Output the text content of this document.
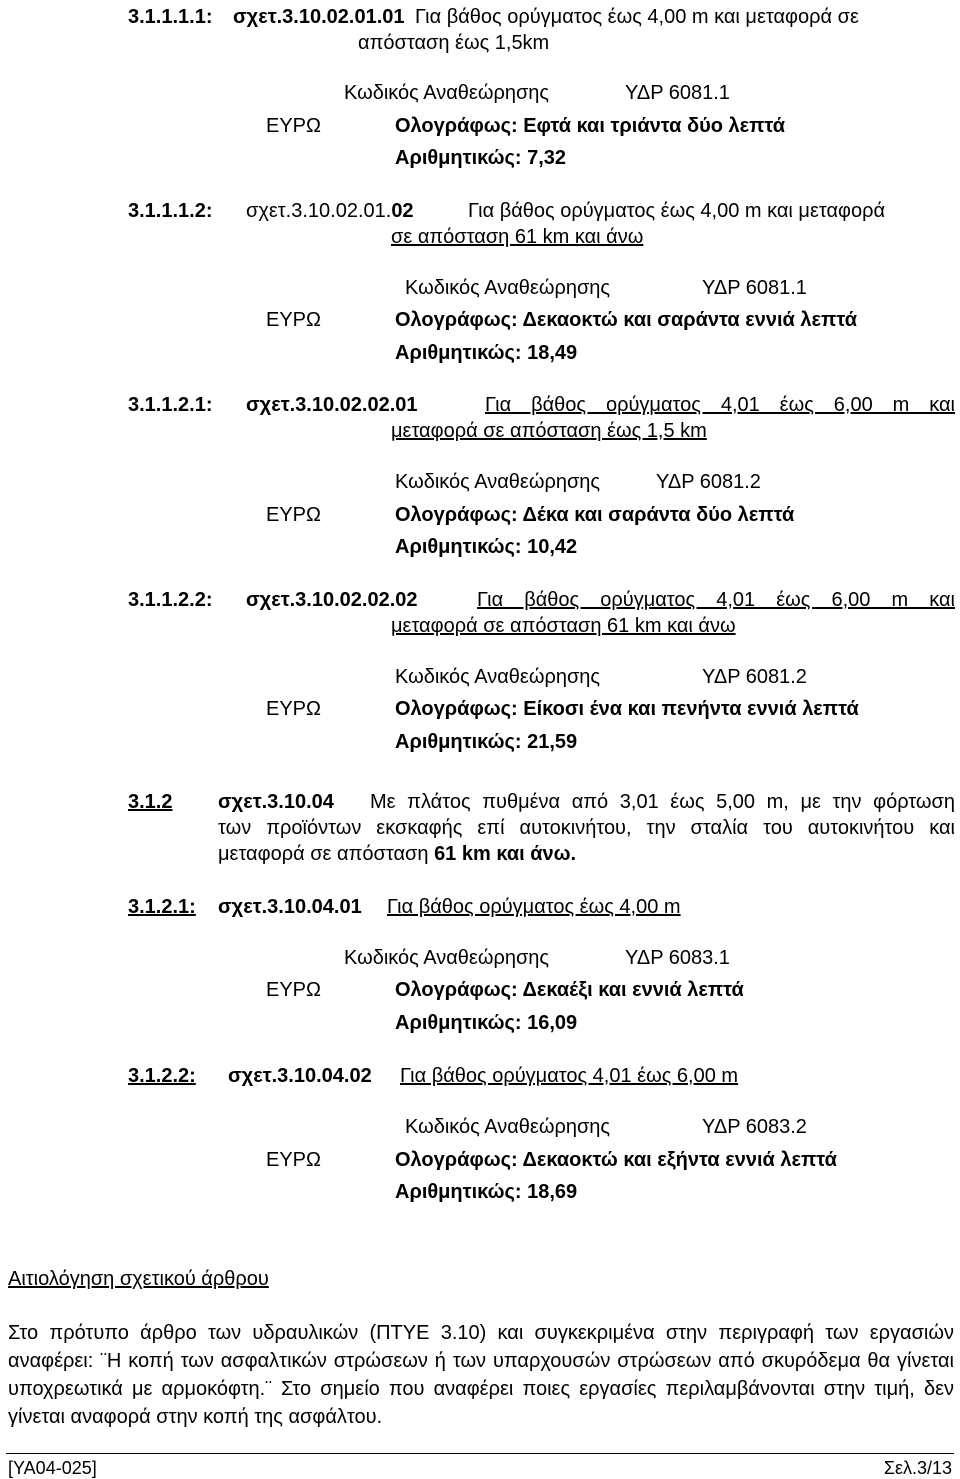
3.1.1.1.1: σχετ.3.10.02.01.01 Για βάθος ορύγματος έως 4,00 m και μεταφορά σε
απόσταση έως 1,5km
Κωδικός Αναθεώρησης	ΥΔΡ 6081.1
ΕΥΡΩ	Ολογράφως: Εφτά και τριάντα δύο λεπτά
Αριθμητικώς: 7,32
3.1.1.1.2: σχετ.3.10.02.01.02	Για βάθος ορύγματος έως 4,00 m και μεταφορά
σε απόσταση 61 km και άνω
Κωδικός Αναθεώρησης	ΥΔΡ 6081.1
ΕΥΡΩ	Ολογράφως: Δεκαοκτώ και σαράντα εννιά λεπτά
Αριθμητικώς: 18,49
3.1.1.2.1: σχετ.3.10.02.02.01	Για βάθος ορύγματος 4,01 έως 6,00 m και
μεταφορά σε απόσταση έως 1,5 km
Κωδικός Αναθεώρησης	ΥΔΡ 6081.2
ΕΥΡΩ	Ολογράφως: Δέκα και σαράντα δύο λεπτά
Αριθμητικώς: 10,42
3.1.1.2.2: σχετ.3.10.02.02.02	Για βάθος ορύγματος 4,01 έως 6,00 m και
μεταφορά σε απόσταση 61 km και άνω
Κωδικός Αναθεώρησης	ΥΔΡ 6081.2
ΕΥΡΩ	Ολογράφως: Είκοσι ένα και πενήντα εννιά λεπτά
Αριθμητικώς: 21,59
3.1.2 σχετ.3.10.04 Με πλάτος πυθμένα από 3,01 έως 5,00 m, με την φόρτωση
των προϊόντων εκσκαφής επί αυτοκινήτου, την σταλία του αυτοκινήτου και
μεταφορά σε απόσταση 61 km και άνω.
3.1.2.1: σχετ.3.10.04.01 Για βάθος ορύγματος έως 4,00 m
Κωδικός Αναθεώρησης	ΥΔΡ 6083.1
ΕΥΡΩ	Ολογράφως: Δεκαέξι και εννιά λεπτά
Αριθμητικώς: 16,09
3.1.2.2: σχετ.3.10.04.02 Για βάθος ορύγματος 4,01 έως 6,00 m
Κωδικός Αναθεώρησης	ΥΔΡ 6083.2
ΕΥΡΩ	Ολογράφως: Δεκαοκτώ και εξήντα εννιά λεπτά
Αριθμητικώς: 18,69
Αιτιολόγηση σχετικού άρθρου
Στο πρότυπο άρθρο των υδραυλικών (ΠΤΥΕ 3.10) και συγκεκριμένα στην περιγραφή των εργασιών αναφέρει: ¨Η κοπή των ασφαλτικών στρώσεων ή των υπαρχουσών στρώσεων από σκυρόδεμα θα γίνεται υποχρεωτικά με αρμοκόφτη.¨ Στο σημείο που αναφέρει ποιες εργασίες περιλαμβάνονται στην τιμή, δεν γίνεται αναφορά στην κοπή της ασφάλτου.
[ΥΑ04-025]	Σελ.3/13
